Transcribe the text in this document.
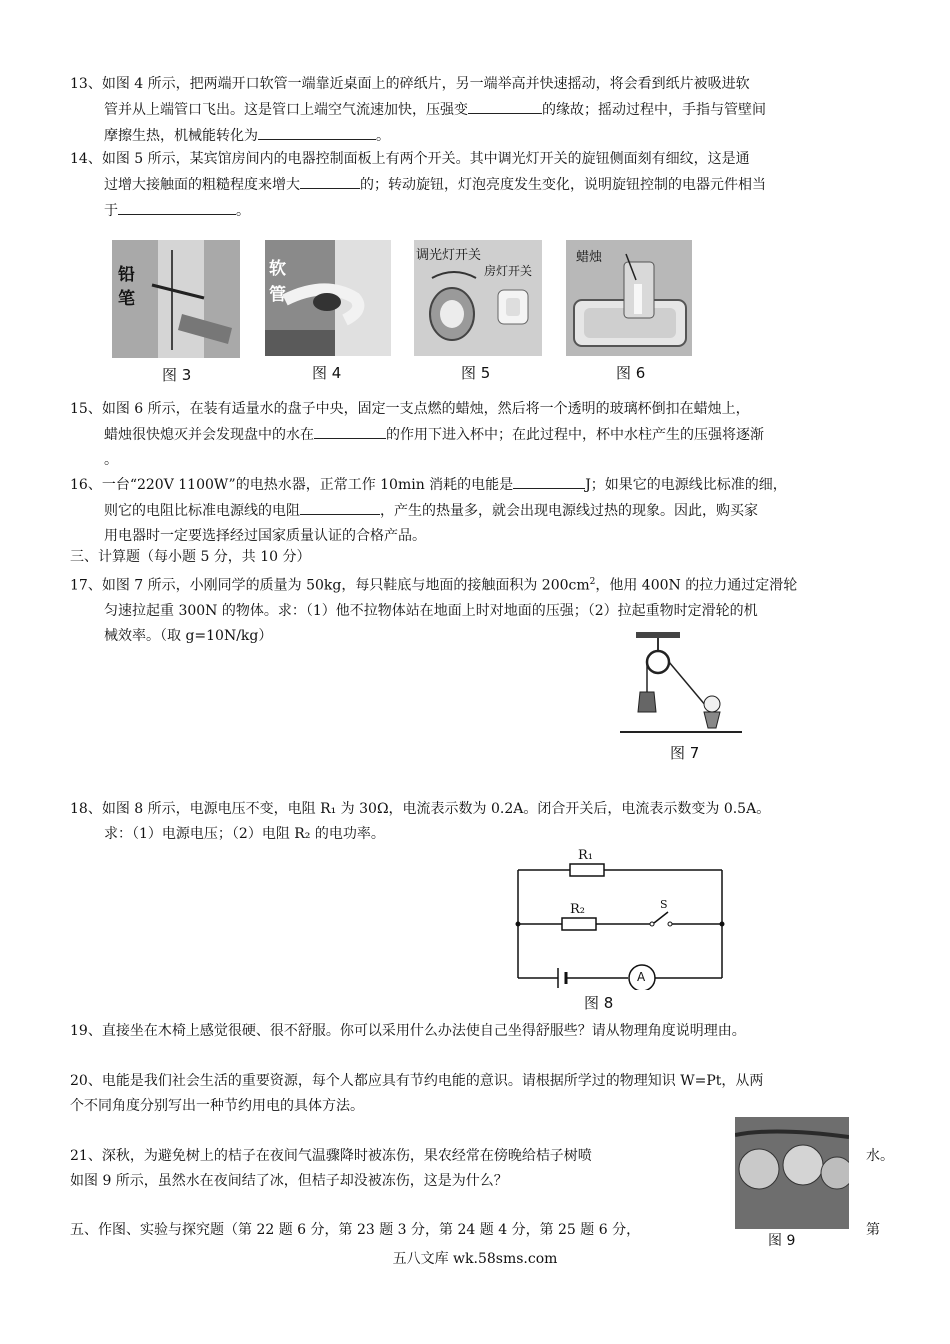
13、如图 4 所示，把两端开口软管一端靠近桌面上的碎纸片，另一端举高并快速摇动，将会看到纸片被吸进软

管并从上端管口飞出。这是管口上端空气流速加快，压强变	的缘故；摇动过程中，手指与管壁间

摩擦生热，机械能转化为	。

14、如图 5 所示，某宾馆房间内的电器控制面板上有两个开关。其中调光灯开关的旋钮侧面刻有细纹，这是通

过增大接触面的粗糙程度来增大	的；转动旋钮，灯泡亮度发生变化，说明旋钮控制的电器元件相当

于	。

铅
笔
图 3
软
管
图 4
调光灯开关
房灯开关
图 5
蜡烛
图 6

15、如图 6 所示，在装有适量水的盘子中央，固定一支点燃的蜡烛，然后将一个透明的玻璃杯倒扣在蜡烛上，

蜡烛很快熄灭并会发现盘中的水在	的作用下进入杯中；在此过程中，杯中水柱产生的压强将逐渐

。

16、一台“220V 1100W”的电热水器，正常工作 10min 消耗的电能是	J；如果它的电源线比标准的细，

则它的电阻比标准电源线的电阻	，产生的热量多，就会出现电源线过热的现象。因此，购买家

用电器时一定要选择经过国家质量认证的合格产品。

三、计算题（每小题 5 分，共 10 分）

17、如图 7 所示，小刚同学的质量为 50kg，每只鞋底与地面的接触面积为 $200cm^2$，他用 400N 的拉力通过定滑轮

匀速拉起重 300N 的物体。求：（1）他不拉物体站在地面上时对地面的压强；（2）拉起重物时定滑轮的机

械效率。（取 g=10N/kg）

图 7

18、如图 8 所示，电源电压不变，电阻 R₁ 为 30Ω，电流表示数为 0.2A。闭合开关后，电流表示数变为 0.5A。

求：（1）电源电压；（2）电阻 R₂ 的电功率。

R₁
R₂	S
A
图 8

19、直接坐在木椅上感觉很硬、很不舒服。你可以采用什么办法使自己坐得舒服些？请从物理角度说明理由。

20、电能是我们社会生活的重要资源，每个人都应具有节约电能的意识。请根据所学过的物理知识 W=Pt，从两

个不同角度分别写出一种节约用电的具体方法。

图 9

21、深秋，为避免树上的桔子在夜间气温骤降时被冻伤，果农经常在傍晚给桔子树喷	水。

如图 9 所示，虽然水在夜间结了冰，但桔子却没被冻伤，这是为什么？

五、作图、实验与探究题（第 22 题 6 分，第 23 题 3 分，第 24 题 4 分，第 25 题 6 分，	第

五八文库 wk.58sms.com
